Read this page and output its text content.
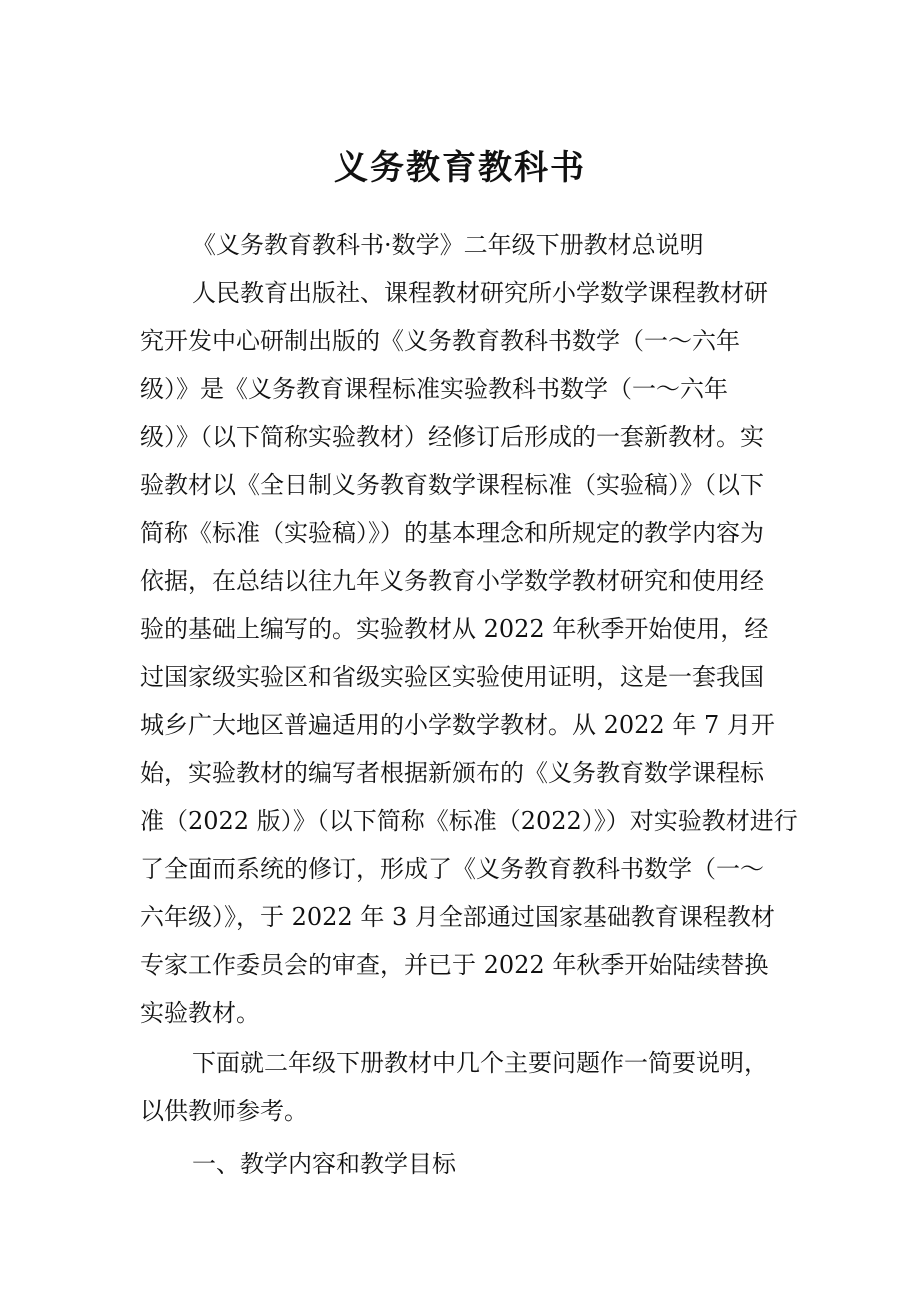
义务教育教科书
《义务教育教科书·数学》二年级下册教材总说明
人民教育出版社、课程教材研究所小学数学课程教材研
究开发中心研制出版的《义务教育教科书数学（一～六年
级）》是《义务教育课程标准实验教科书数学（一～六年
级）》（以下简称实验教材）经修订后形成的一套新教材。实
验教材以《全日制义务教育数学课程标准（实验稿）》（以下
简称《标准（实验稿）》）的基本理念和所规定的教学内容为
依据，在总结以往九年义务教育小学数学教材研究和使用经
验的基础上编写的。实验教材从 2022 年秋季开始使用，经
过国家级实验区和省级实验区实验使用证明，这是一套我国
城乡广大地区普遍适用的小学数学教材。从 2022 年 7 月开
始，实验教材的编写者根据新颁布的《义务教育数学课程标
准（2022 版）》（以下简称《标准（2022）》）对实验教材进行
了全面而系统的修订，形成了《义务教育教科书数学（一～
六年级）》，于 2022 年 3 月全部通过国家基础教育课程教材
专家工作委员会的审查，并已于 2022 年秋季开始陆续替换
实验教材。
下面就二年级下册教材中几个主要问题作一简要说明，
以供教师参考。
一、教学内容和教学目标
